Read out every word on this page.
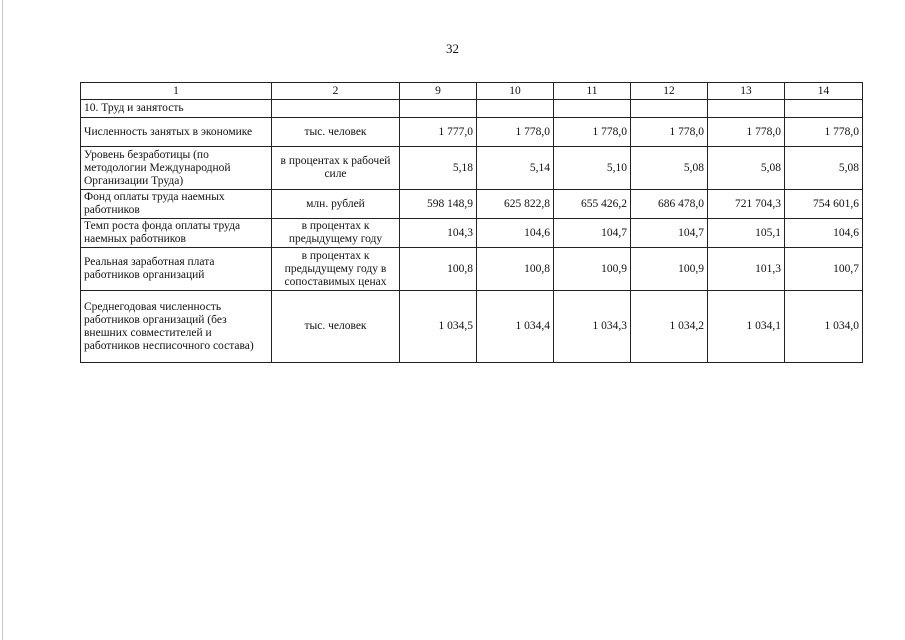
32
1	2	9	10	11	12	13	14
10. Труд и занятость							
Численность занятых в экономике	тыс. человек	1 777,0	1 778,0	1 778,0	1 778,0	1 778,0	1 778,0
Уровень безработицы (по методологии Международной Организации Труда)	в процентах к рабочей силе	5,18	5,14	5,10	5,08	5,08	5,08
Фонд оплаты труда наемных работников	млн. рублей	598 148,9	625 822,8	655 426,2	686 478,0	721 704,3	754 601,6
Темп роста фонда оплаты труда наемных работников	в процентах к предыдущему году	104,3	104,6	104,7	104,7	105,1	104,6
Реальная заработная плата работников организаций	в процентах к предыдущему году в сопоставимых ценах	100,8	100,8	100,9	100,9	101,3	100,7
Среднегодовая численность работников организаций (без внешних совместителей и работников несписочного состава)	тыс. человек	1 034,5	1 034,4	1 034,3	1 034,2	1 034,1	1 034,0
